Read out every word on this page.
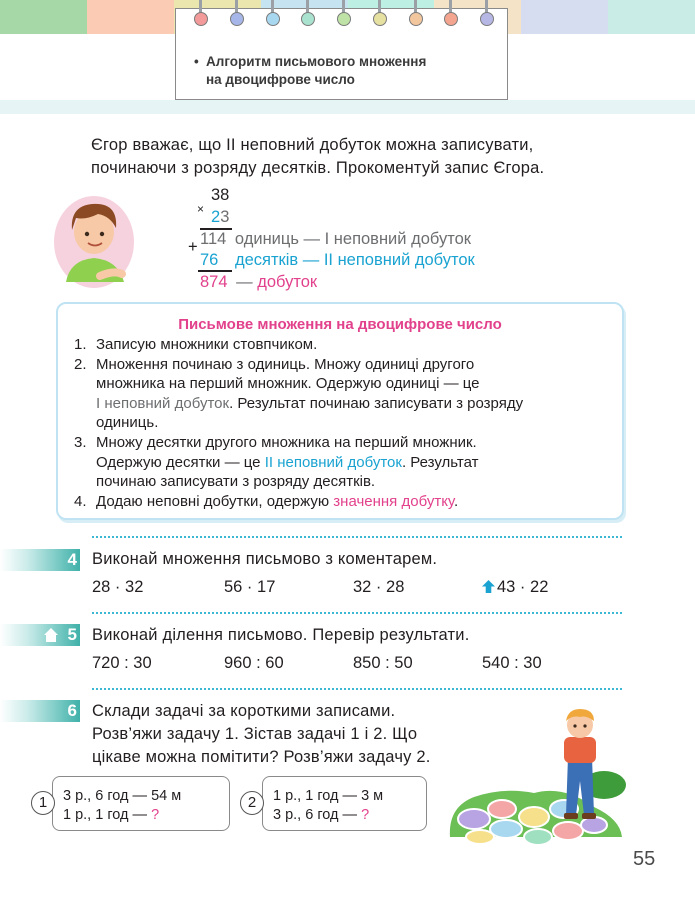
• Алгоритм письмового множення
на двоцифрове число
Єгор вважає, що II неповний добуток можна записувати,
починаючи з розряду десятків. Прокоментуй запис Єгора.
×
38
23
+ 114 одиниць — I неповний добуток
76 десятків — II неповний добуток
874 — добуток
Письмове множення на двоцифрове число
1. Записую множники стовпчиком.
2. Множення починаю з одиниць. Множу одиниці другого
множника на перший множник. Одержую одиниці — це
I неповний добуток. Результат починаю записувати з розряду
одиниць.
3. Множу десятки другого множника на перший множник.
Одержую десятки — це II неповний добуток. Результат
починаю записувати з розряду десятків.
4. Додаю неповні добутки, одержую значення добутку.
4 Виконай множення письмово з коментарем.
28 · 32	56 · 17	32 · 28	43 · 22
5 Виконай ділення письмово. Перевір результати.
720 : 30	960 : 60	850 : 50	540 : 30
6 Склади задачі за короткими записами.
Розв’яжи задачу 1. Зістав задачі 1 і 2. Що
цікаве можна помітити? Розв’яжи задачу 2.
3 р., 6 год — 54 м
1 р., 1 год — ?
1	1 р., 1 год — 3 м
3 р., 6 год — ?
2
55
